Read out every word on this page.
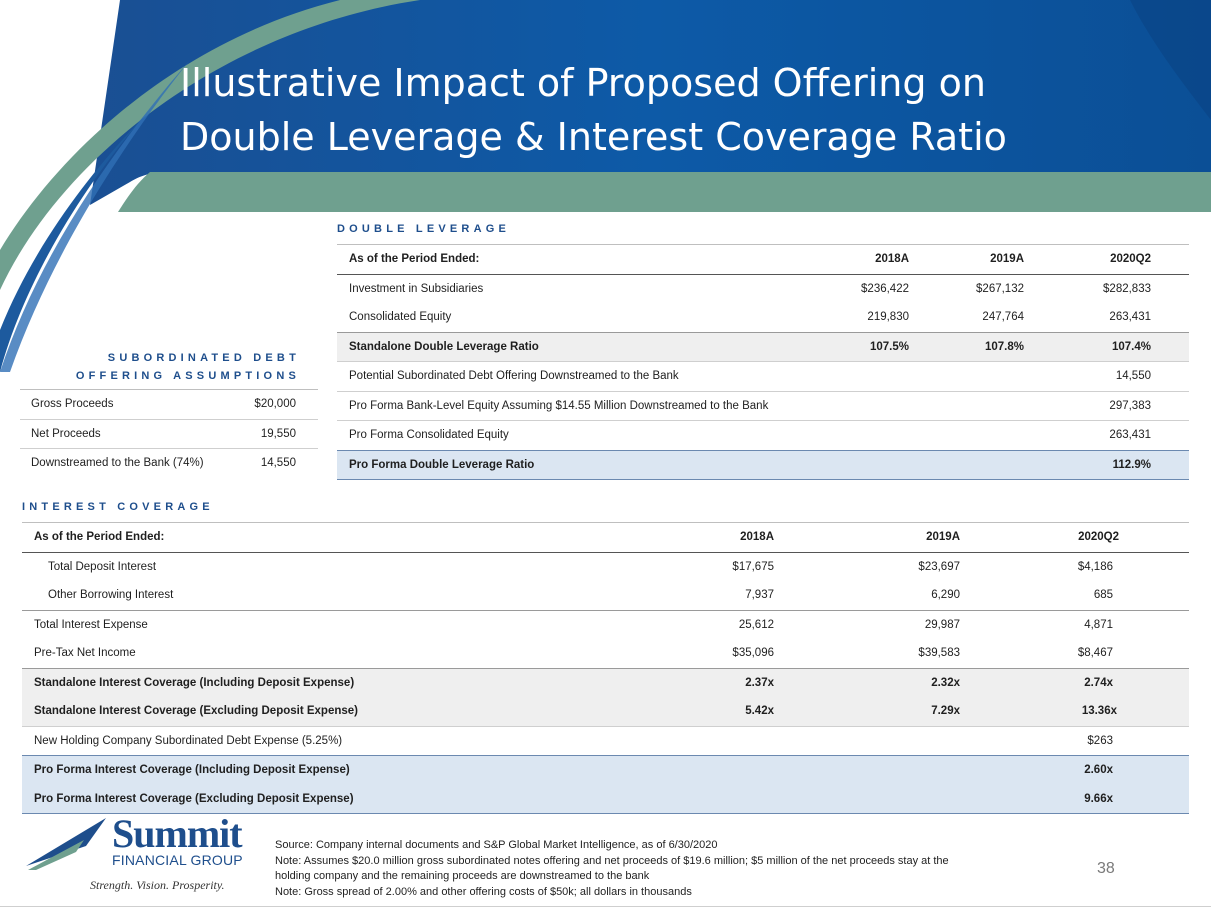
Illustrative Impact of Proposed Offering on
Double Leverage & Interest Coverage Ratio
DOUBLE LEVERAGE
As of the Period Ended:	2018A	2019A	2020Q2
Investment in Subsidiaries	$236,422	$267,132	$282,833
Consolidated Equity	219,830	247,764	263,431
Standalone Double Leverage Ratio	107.5%	107.8%	107.4%
Potential Subordinated Debt Offering Downstreamed to the Bank			14,550
Pro Forma Bank-Level Equity Assuming $14.55 Million Downstreamed to the Bank			297,383
Pro Forma Consolidated Equity			263,431
Pro Forma Double Leverage Ratio			112.9%
SUBORDINATED DEBT
OFFERING ASSUMPTIONS
Gross Proceeds	$20,000
Net Proceeds	19,550
Downstreamed to the Bank (74%)	14,550
INTEREST COVERAGE
As of the Period Ended:	2018A	2019A	2020Q2
Total Deposit Interest	$17,675	$23,697	$4,186
Other Borrowing Interest	7,937	6,290	685
Total Interest Expense	25,612	29,987	4,871
Pre-Tax Net Income	$35,096	$39,583	$8,467
Standalone Interest Coverage (Including Deposit Expense)	2.37x	2.32x	2.74x
Standalone Interest Coverage (Excluding Deposit Expense)	5.42x	7.29x	13.36x
New Holding Company Subordinated Debt Expense (5.25%)			$263
Pro Forma Interest Coverage (Including Deposit Expense)			2.60x
Pro Forma Interest Coverage (Excluding Deposit Expense)			9.66x
Summit
FINANCIAL GROUP
Strength. Vision. Prosperity.
Source: Company internal documents and S&P Global Market Intelligence, as of 6/30/2020
Note: Assumes $20.0 million gross subordinated notes offering and net proceeds of $19.6 million; $5 million of the net proceeds stay at the
holding company and the remaining proceeds are downstreamed to the bank
Note: Gross spread of 2.00% and other offering costs of $50k; all dollars in thousands
38
